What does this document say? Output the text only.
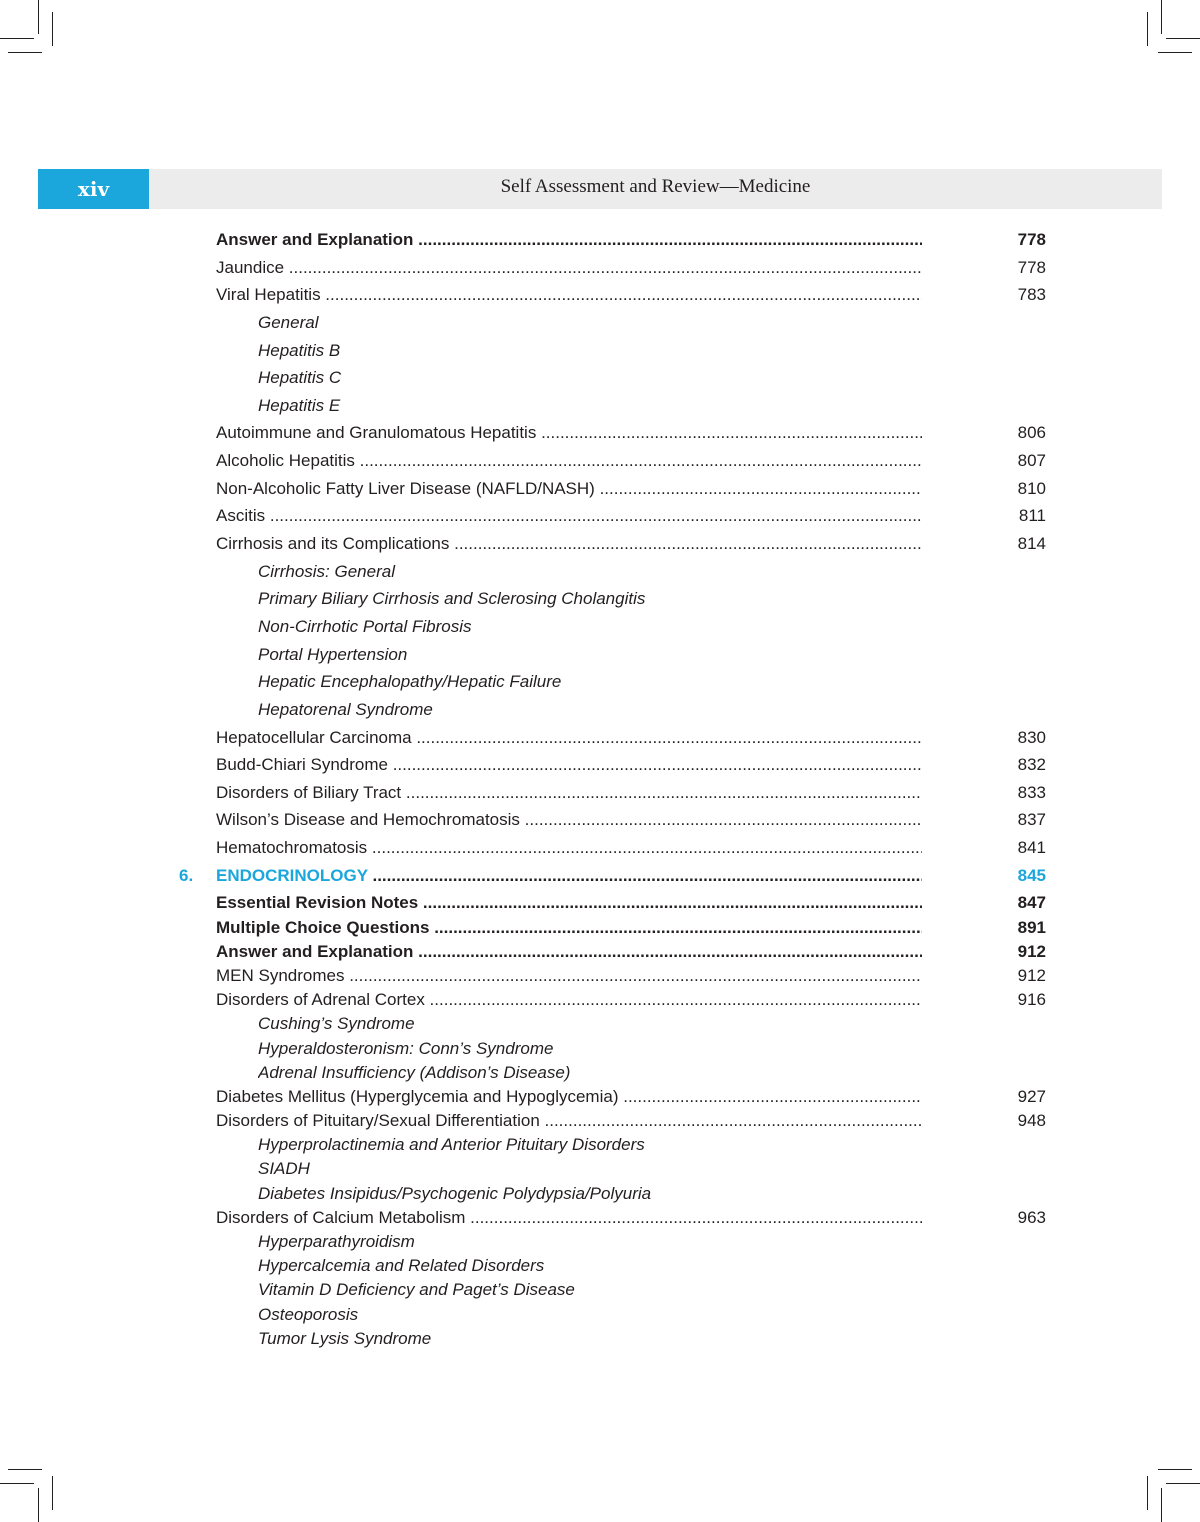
xiv	Self Assessment and Review—Medicine
Answer and Explanation .....	778
Jaundice .....	778
Viral Hepatitis .....	783
General
Hepatitis B
Hepatitis C
Hepatitis E
Autoimmune and Granulomatous Hepatitis .....	806
Alcoholic Hepatitis .....	807
Non-Alcoholic Fatty Liver Disease (NAFLD/NASH) .....	810
Ascitis .....	811
Cirrhosis and its Complications .....	814
Cirrhosis: General
Primary Biliary Cirrhosis and Sclerosing Cholangitis
Non-Cirrhotic Portal Fibrosis
Portal Hypertension
Hepatic Encephalopathy/Hepatic Failure
Hepatorenal Syndrome
Hepatocellular Carcinoma .....	830
Budd-Chiari Syndrome .....	832
Disorders of Biliary Tract .....	833
Wilson’s Disease and Hemochromatosis .....	837
Hematochromatosis .....	841
6. ENDOCRINOLOGY .....	845
Essential Revision Notes .....	847
Multiple Choice Questions .....	891
Answer and Explanation .....	912
MEN Syndromes .....	912
Disorders of Adrenal Cortex .....	916
Cushing’s Syndrome
Hyperaldosteronism: Conn’s Syndrome
Adrenal Insufficiency (Addison’s Disease)
Diabetes Mellitus (Hyperglycemia and Hypoglycemia) .....	927
Disorders of Pituitary/Sexual Differentiation .....	948
Hyperprolactinemia and Anterior Pituitary Disorders
SIADH
Diabetes Insipidus/Psychogenic Polydypsia/Polyuria
Disorders of Calcium Metabolism .....	963
Hyperparathyroidism
Hypercalcemia and Related Disorders
Vitamin D Deficiency and Paget’s Disease
Osteoporosis
Tumor Lysis Syndrome
